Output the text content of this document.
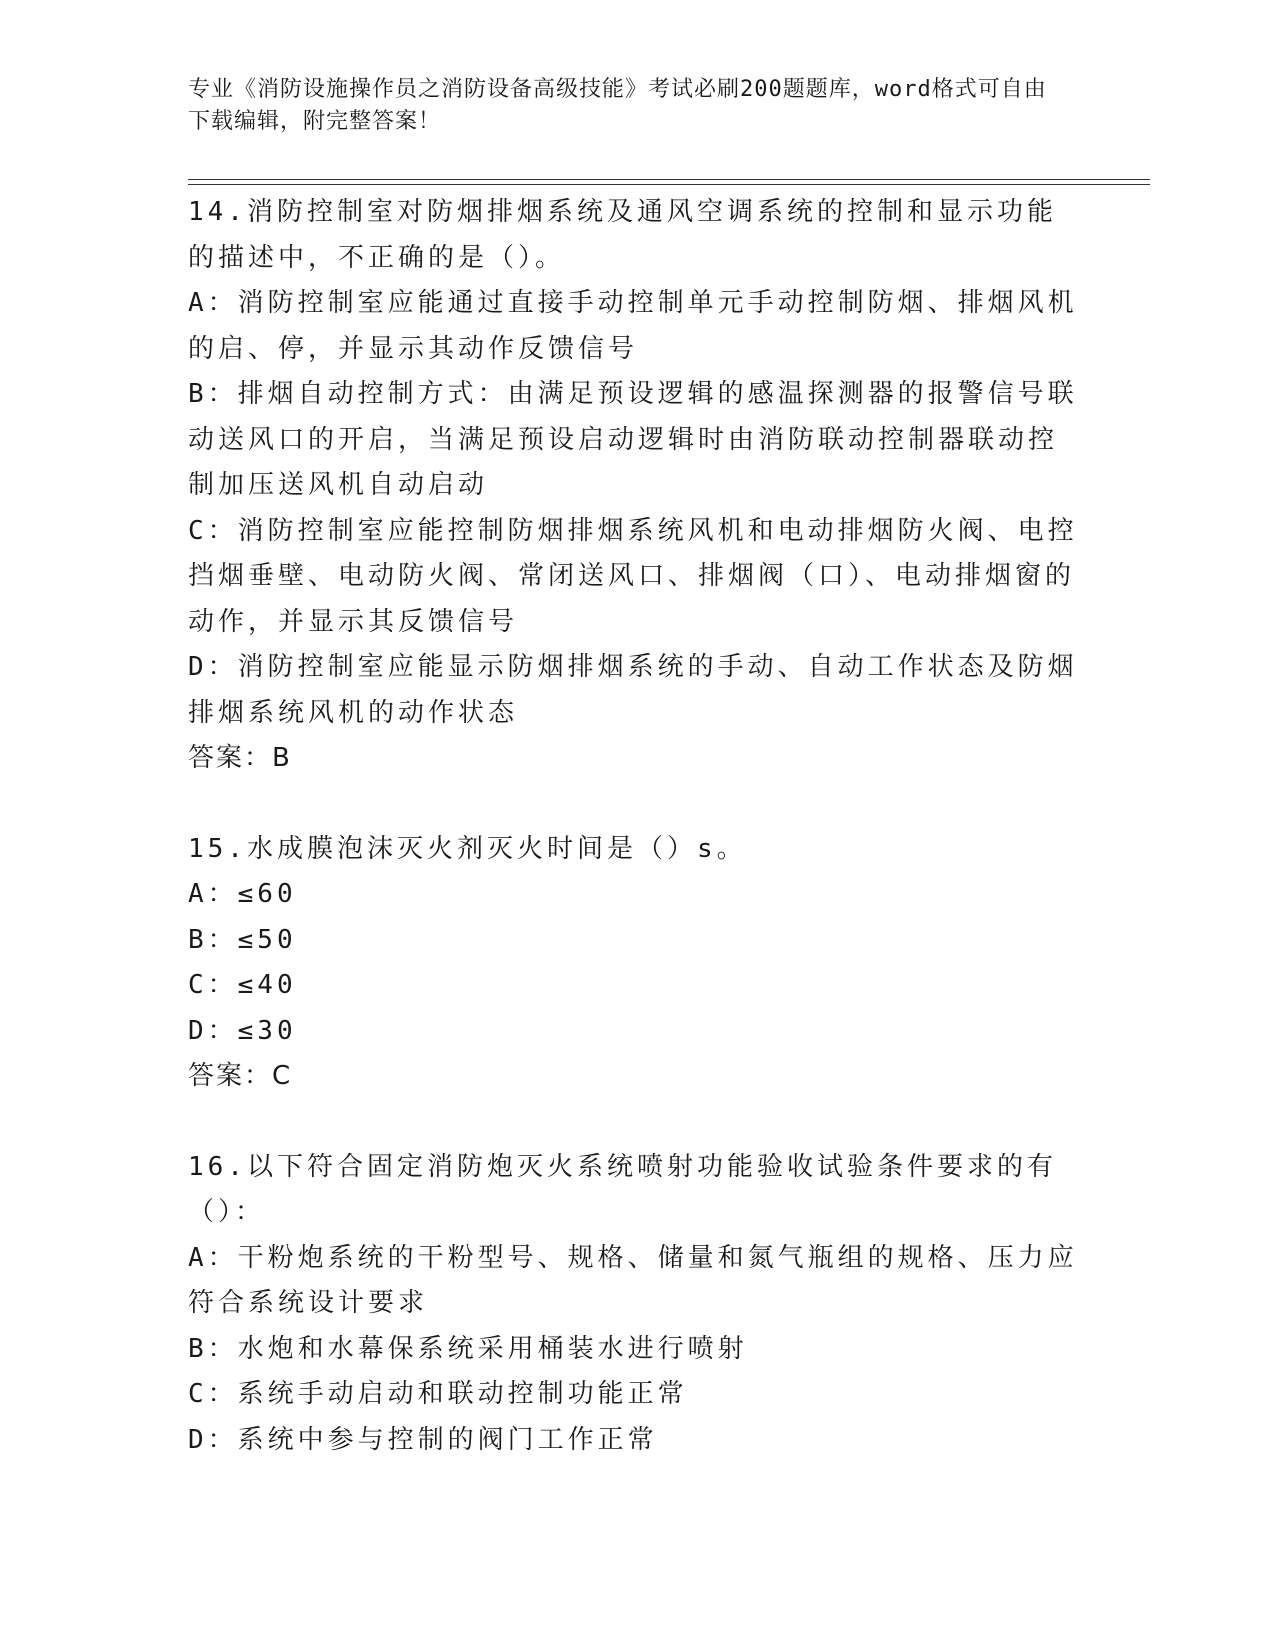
专业《消防设施操作员之消防设备高级技能》考试必刷200题题库，word格式可自由下载编辑，附完整答案！

14.消防控制室对防烟排烟系统及通风空调系统的控制和显示功能的描述中，不正确的是（）。

A：消防控制室应能通过直接手动控制单元手动控制防烟、排烟风机的启、停，并显示其动作反馈信号

B：排烟自动控制方式：由满足预设逻辑的感温探测器的报警信号联动送风口的开启，当满足预设启动逻辑时由消防联动控制器联动控制加压送风机自动启动

C：消防控制室应能控制防烟排烟系统风机和电动排烟防火阀、电控挡烟垂壁、电动防火阀、常闭送风口、排烟阀（口）、电动排烟窗的动作，并显示其反馈信号

D：消防控制室应能显示防烟排烟系统的手动、自动工作状态及防烟排烟系统风机的动作状态

答案：B

15.水成膜泡沫灭火剂灭火时间是（）s。

A：≤60

B：≤50

C：≤40

D：≤30

答案：C

16.以下符合固定消防炮灭火系统喷射功能验收试验条件要求的有（）：

A：干粉炮系统的干粉型号、规格、储量和氮气瓶组的规格、压力应符合系统设计要求

B：水炮和水幕保系统采用桶装水进行喷射

C：系统手动启动和联动控制功能正常

D：系统中参与控制的阀门工作正常
